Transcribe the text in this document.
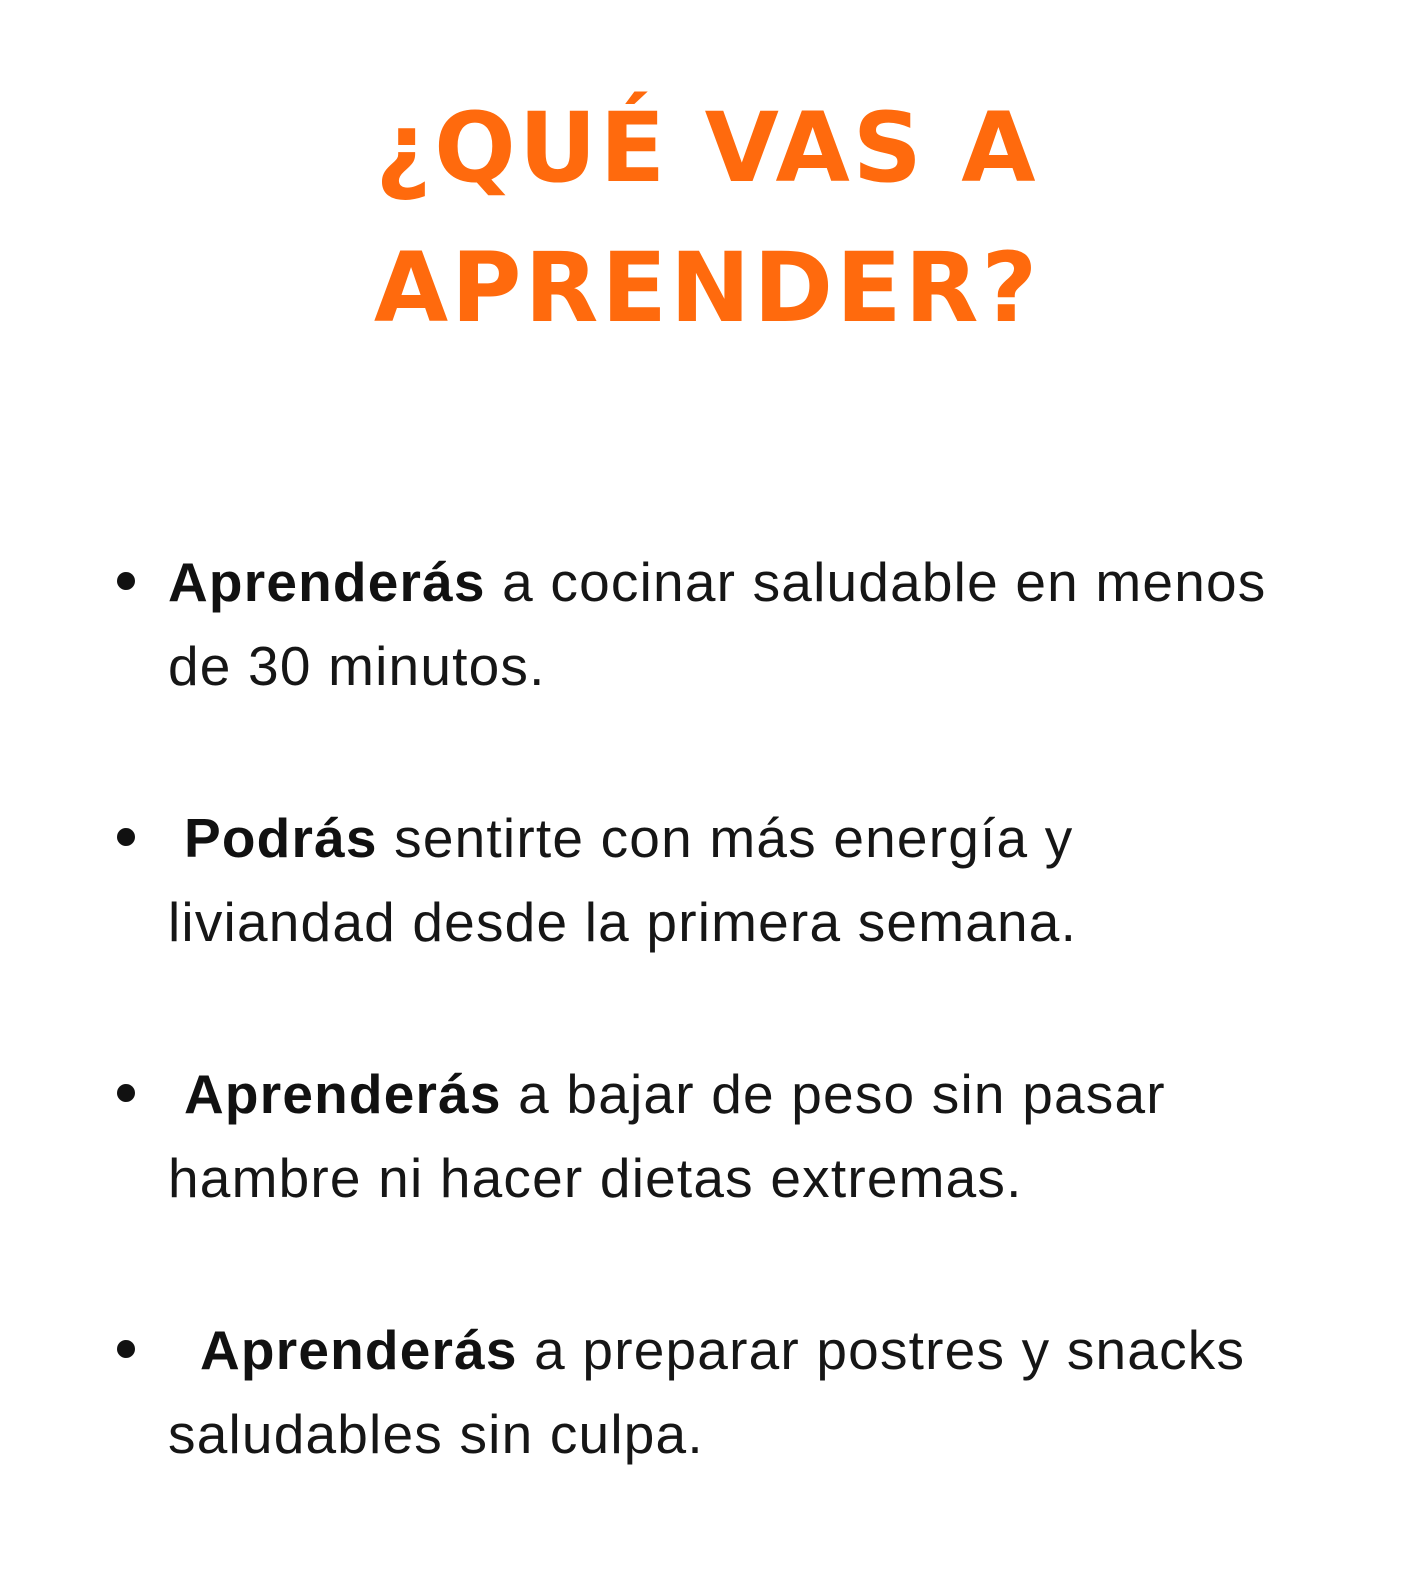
¿QUÉ VAS A
APRENDER?

Aprenderás a cocinar saludable en menos
de 30 minutos.

Podrás sentirte con más energía y
liviandad desde la primera semana.

Aprenderás a bajar de peso sin pasar
hambre ni hacer dietas extremas.

Aprenderás a preparar postres y snacks
saludables sin culpa.
